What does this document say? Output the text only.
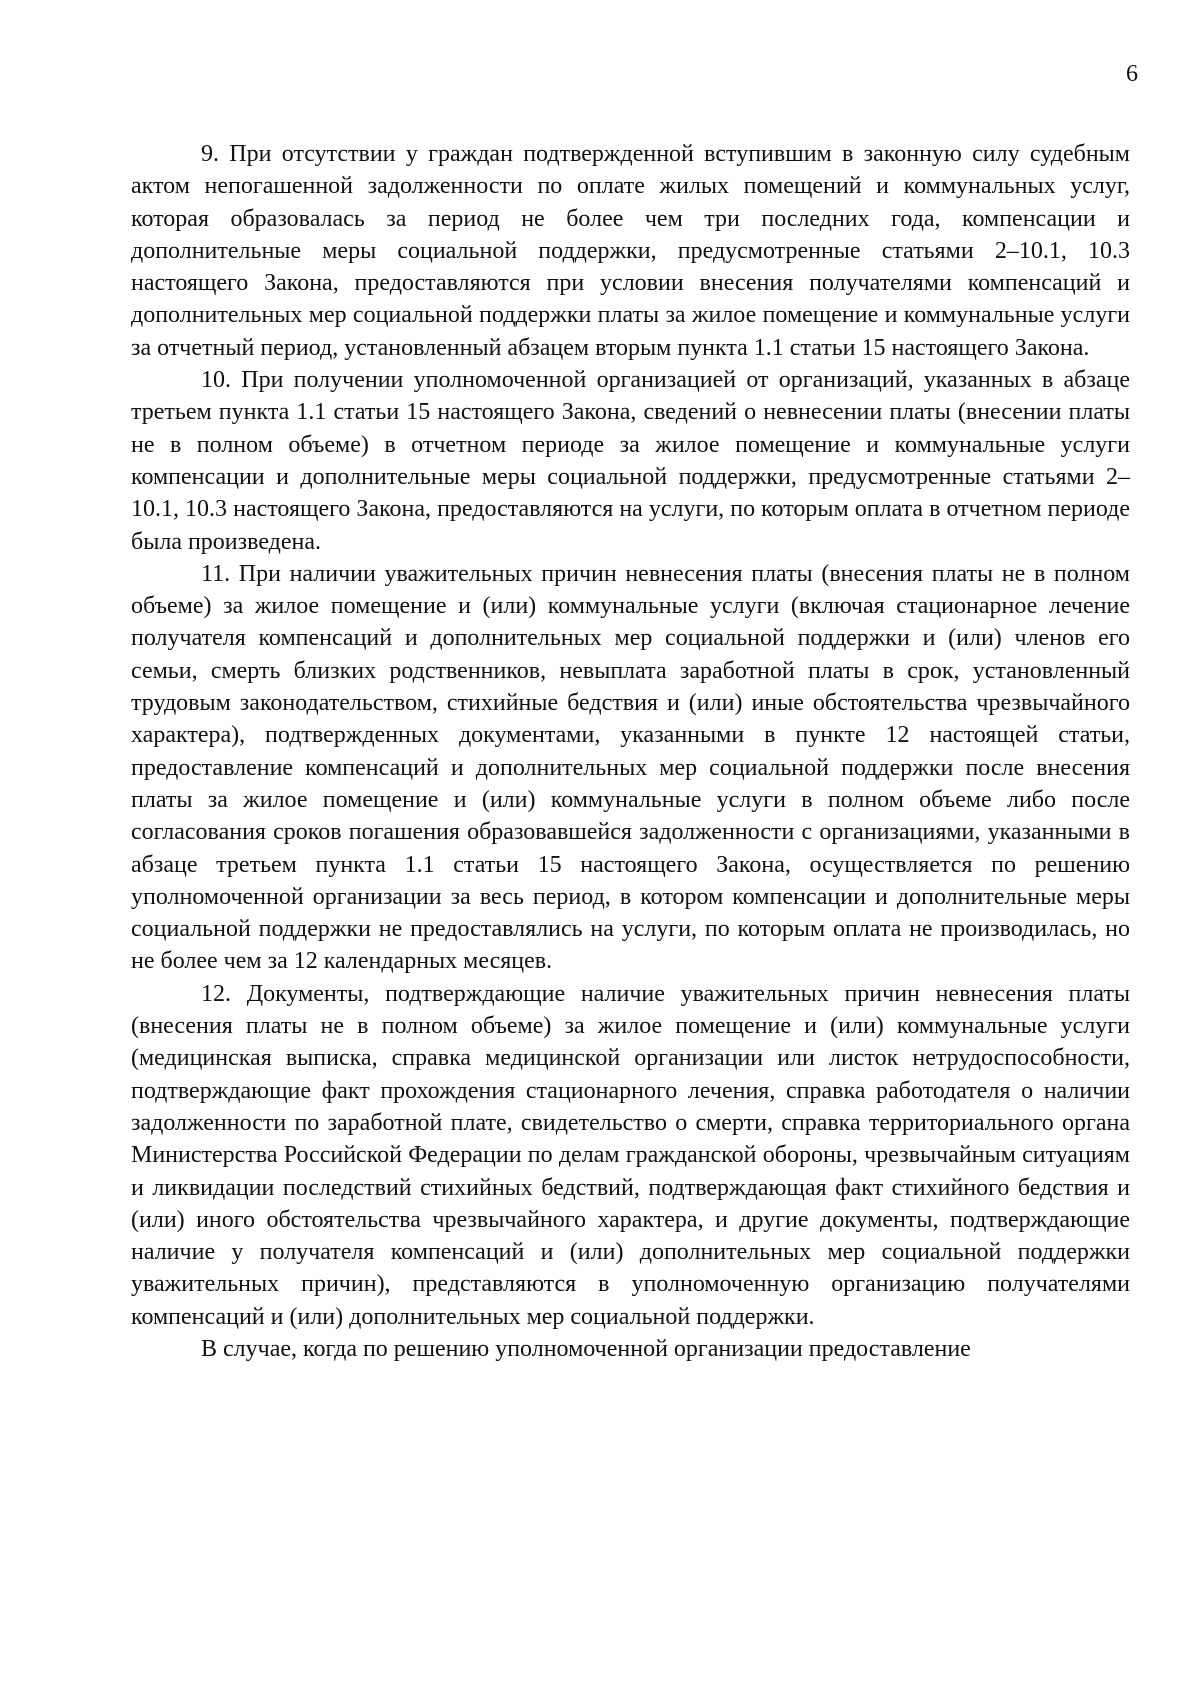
6

9. При отсутствии у граждан подтвержденной вступившим в законную силу судебным актом непогашенной задолженности по оплате жилых помещений и коммунальных услуг, которая образовалась за период не более чем три последних года, компенсации и дополнительные меры социальной поддержки, предусмотренные статьями 2–10.1, 10.3 настоящего Закона, предоставляются при условии внесения получателями компенсаций и дополнительных мер социальной поддержки платы за жилое помещение и коммунальные услуги за отчетный период, установленный абзацем вторым пункта 1.1 статьи 15 настоящего Закона.

10. При получении уполномоченной организацией от организаций, указанных в абзаце третьем пункта 1.1 статьи 15 настоящего Закона, сведений о невнесении платы (внесении платы не в полном объеме) в отчетном периоде за жилое помещение и коммунальные услуги компенсации и дополнительные меры социальной поддержки, предусмотренные статьями 2–10.1, 10.3 настоящего Закона, предоставляются на услуги, по которым оплата в отчетном периоде была произведена.

11. При наличии уважительных причин невнесения платы (внесения платы не в полном объеме) за жилое помещение и (или) коммунальные услуги (включая стационарное лечение получателя компенсаций и дополнительных мер социальной поддержки и (или) членов его семьи, смерть близких родственников, невыплата заработной платы в срок, установленный трудовым законодательством, стихийные бедствия и (или) иные обстоятельства чрезвычайного характера), подтвержденных документами, указанными в пункте 12 настоящей статьи, предоставление компенсаций и дополнительных мер социальной поддержки после внесения платы за жилое помещение и (или) коммунальные услуги в полном объеме либо после согласования сроков погашения образовавшейся задолженности с организациями, указанными в абзаце третьем пункта 1.1 статьи 15 настоящего Закона, осуществляется по решению уполномоченной организации за весь период, в котором компенсации и дополнительные меры социальной поддержки не предоставлялись на услуги, по которым оплата не производилась, но не более чем за 12 календарных месяцев.

12. Документы, подтверждающие наличие уважительных причин невнесения платы (внесения платы не в полном объеме) за жилое помещение и (или) коммунальные услуги (медицинская выписка, справка медицинской организации или листок нетрудоспособности, подтверждающие факт прохождения стационарного лечения, справка работодателя о наличии задолженности по заработной плате, свидетельство о смерти, справка территориального органа Министерства Российской Федерации по делам гражданской обороны, чрезвычайным ситуациям и ликвидации последствий стихийных бедствий, подтверждающая факт стихийного бедствия и (или) иного обстоятельства чрезвычайного характера, и другие документы, подтверждающие наличие у получателя компенсаций и (или) дополнительных мер социальной поддержки уважительных причин), представляются в уполномоченную организацию получателями компенсаций и (или) дополнительных мер социальной поддержки.

В случае, когда по решению уполномоченной организации предоставление
